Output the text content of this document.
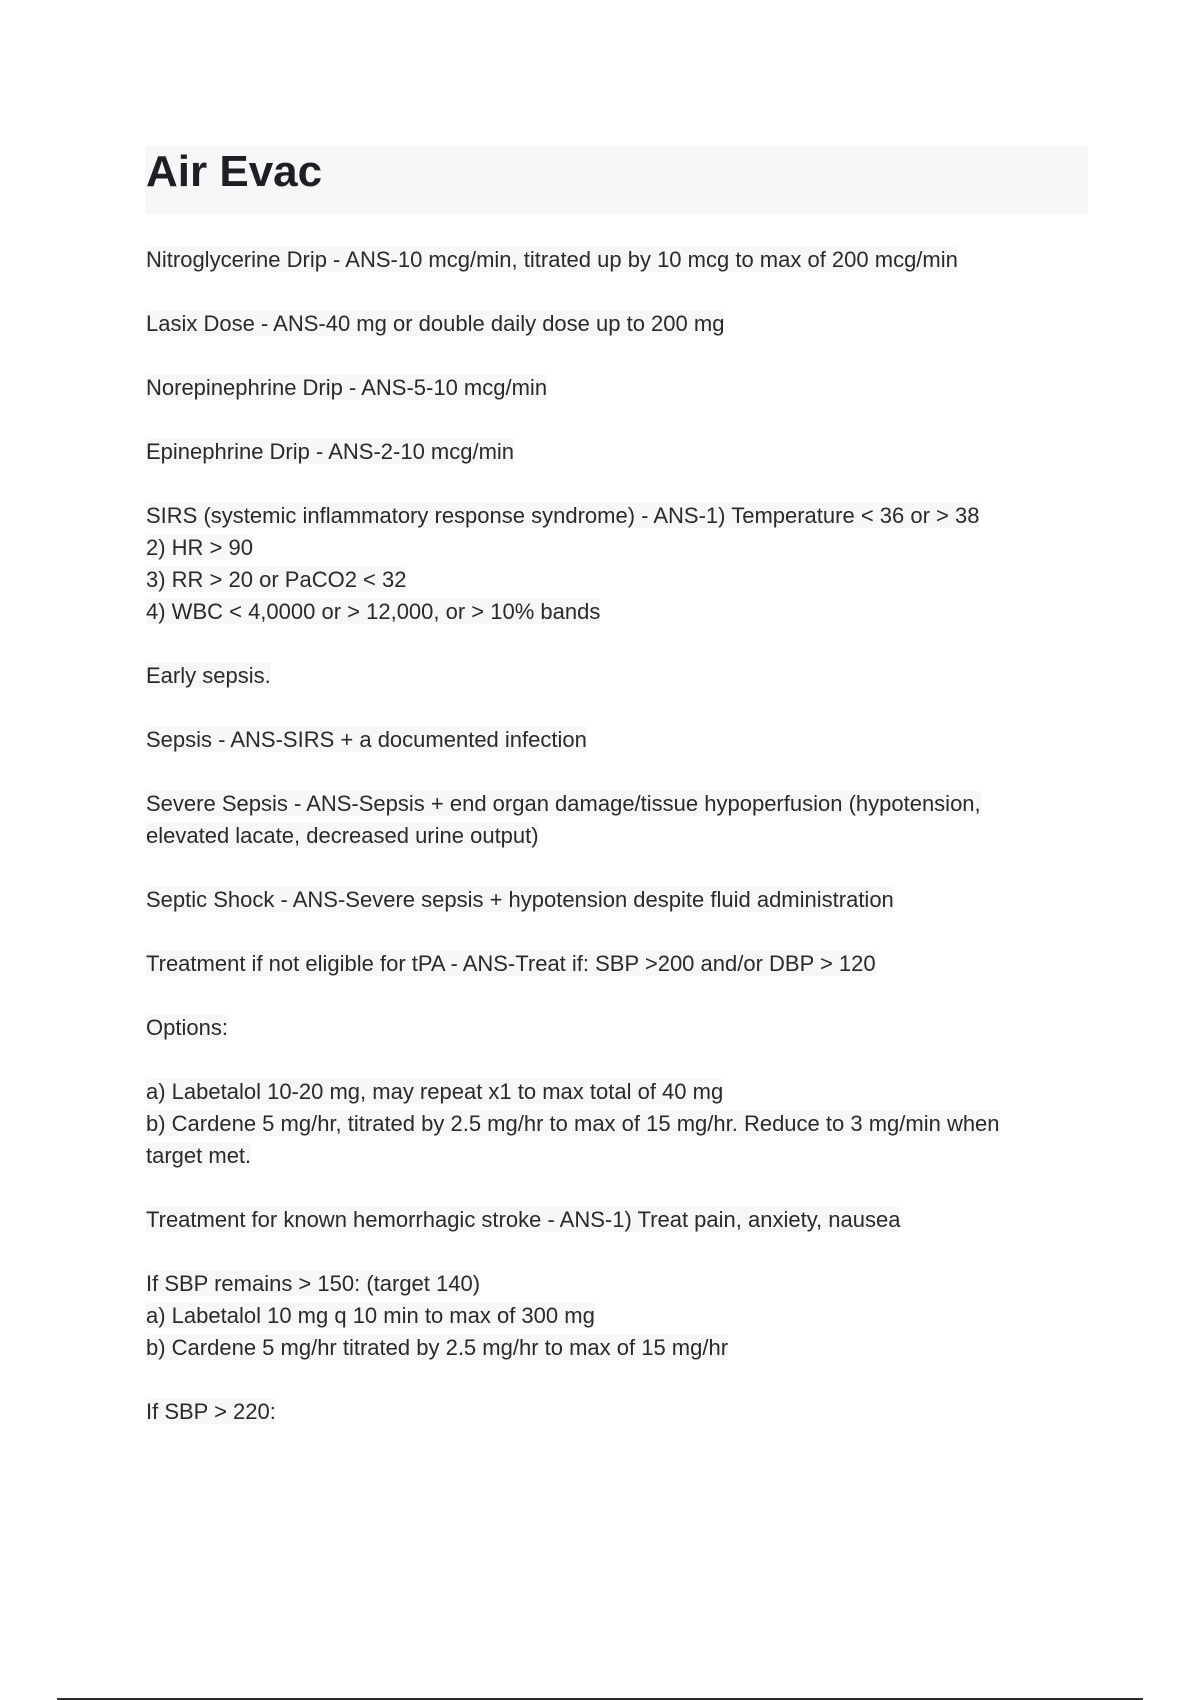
Air Evac
Nitroglycerine Drip - ANS-10 mcg/min, titrated up by 10 mcg to max of 200 mcg/min
Lasix Dose - ANS-40 mg or double daily dose up to 200 mg
Norepinephrine Drip - ANS-5-10 mcg/min
Epinephrine Drip - ANS-2-10 mcg/min
SIRS (systemic inflammatory response syndrome) - ANS-1) Temperature < 36 or > 38
2) HR > 90
3) RR > 20 or PaCO2 < 32
4) WBC < 4,0000 or > 12,000, or > 10% bands
Early sepsis.
Sepsis - ANS-SIRS + a documented infection
Severe Sepsis - ANS-Sepsis + end organ damage/tissue hypoperfusion (hypotension,
elevated lacate, decreased urine output)
Septic Shock - ANS-Severe sepsis + hypotension despite fluid administration
Treatment if not eligible for tPA - ANS-Treat if: SBP >200 and/or DBP > 120
Options:
a) Labetalol 10-20 mg, may repeat x1 to max total of 40 mg
b) Cardene 5 mg/hr, titrated by 2.5 mg/hr to max of 15 mg/hr. Reduce to 3 mg/min when
target met.
Treatment for known hemorrhagic stroke - ANS-1) Treat pain, anxiety, nausea
If SBP remains > 150: (target 140)
a) Labetalol 10 mg q 10 min to max of 300 mg
b) Cardene 5 mg/hr titrated by 2.5 mg/hr to max of 15 mg/hr
If SBP > 220:
